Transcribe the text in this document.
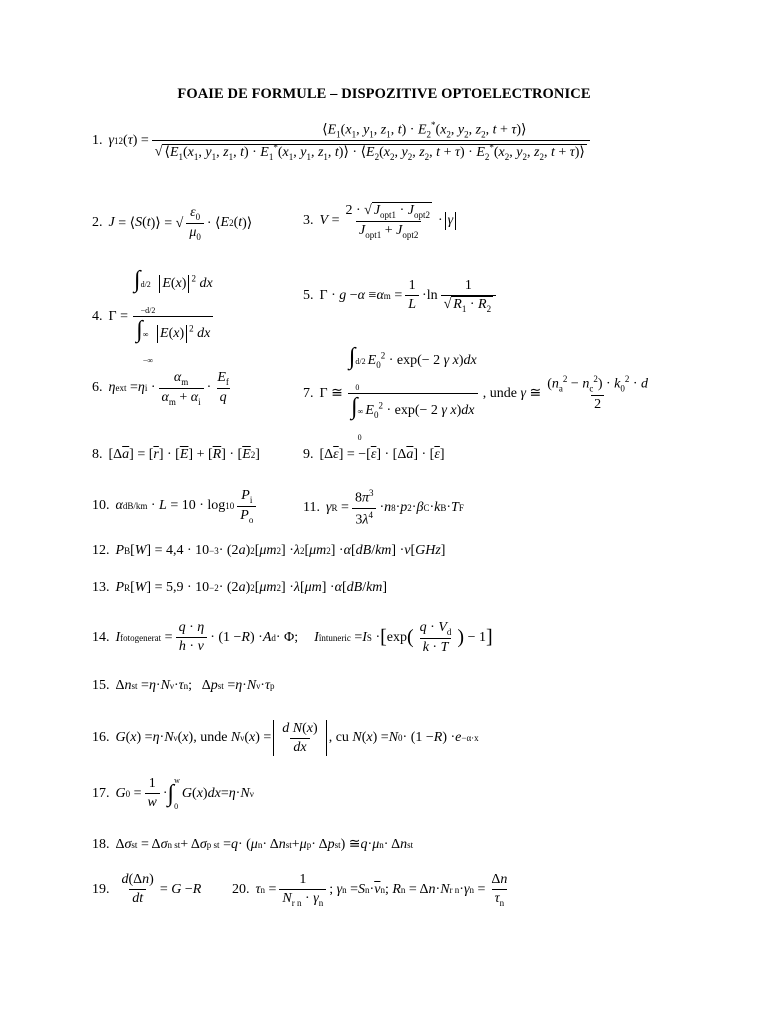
FOAIE DE FORMULE – DISPOZITIVE OPTOELECTRONICE
1. γ 12 ( τ ) =
$⟨E_1(x_1$, $y_1$, $z_1$, $t) \cdot E_2^*(x_2$, $y_2$, $z_2$, t + τ)⟩
√ $⟨E_1(x_1$, $y_1$, $z_1$, $t) \cdot E_1^*(x_1$, $y_1$, $z_1$, t)⟩ · $⟨E_2(x_2$, $y_2$, $z_2$, $t + \tau) \cdot E_2^*(x_2$, $y_2$, $z_2$, t + τ)⟩
2. J = ⟨ S ( t )⟩ = √ $\frac{\varepsilon_0}{\mu_0}$ · ⟨ E 2 ( t )⟩	3. $V = \frac{2 \cdot √ J_{opt1} \cdot J_{opt2}}{J_{opt1} + J_{opt2}} \cdot \gamma$
4. Γ = ∫ d/2
−d/2
E(x) $^2$ dx
∫ ∞
−∞
E(x) $^2$ dx	5. Γ · g − α ≡ α $m = \frac{1}{L} \cdot \ln \frac{1}{√ R_1 \cdot R_2}$
6. η ext = η $i \cdot \frac{\alpha_m}{\alpha_m + \alpha_i} \cdot \frac{E_f}{q}$	7. Γ ≅ ∫ d/2
0
$E_0^2 \cdot \exp(- 2$ γ x)dx
∫ ∞
0
$E_0^2 \cdot \exp(- 2$ γ x)dx , unde
γ ≅ $\frac{(n_a^2 - n_c^2) \cdot k_0^2 \cdot d}{2}$
8. [Δ $\overline{a}$ ] = [ $\overline{r}$ ] · [ $\overline{E}$ ] + [ $\overline{R}$ ] · [ $\overline{E}$ 2 ]	9. [Δ $\overline{\varepsilon}$ ] = −[ $\overline{\varepsilon}$ ] · [Δ $\overline{a}$ ] · [ $\overline{\varepsilon}$ ]
10. α $dB/km \cdot L = 10 \cdot \log 10 \frac{P_i}{P_o}$	11. γ $R = \frac{8\pi^3}{3\lambda^4} \cdot n$ 8 · p 2 · β C · k B · T F
12. P B [ W ] = 4,4 · 10 −3 · (2 a ) 2 [ μm 2 ] · λ 2 [ μm 2 ] · α [ dB / km ] · ν [ GHz ]
13. P R [ W ] = 5,9 · 10 −2 · (2 a ) 2 [ μm 2 ] · λ [ μm ] · α [ dB / km ]
14. I fotogenerat = $\frac{q \cdot \eta}{h \cdot \nu} \cdot (1 - R$ ) · A d · Φ; I întuneric = I S · [ exp ( $\frac{q \cdot V_d}{k \cdot T}$ ) − 1 ]
15. Δ n st = η · N ν · τ n ;   Δ p st = η · N ν · τ p
16. G ( x ) = η · N ν ( x ) , unde
N ν ( x ) = $\frac{\text{d N(x)}}{dx}$ , cu
N ( x ) = N 0 · (1 − R ) · e −α·x
17. G $0 = \frac{1}{w}$ · ∫
w
0
G ( x ) dx = η · N ν
18. Δ σ st = Δ σ n st + Δ σ p st = q · ( μ n · Δ n st + μ p · Δ p st ) ≅ q · μ n · Δ n st
19. $\frac{d(\Delta n)}{dt} = G - R$ 20. τ $n = \frac{1}{N_{r n} \cdot \gamma_n}$ ; γ n = S $n \cdot \overline{v}$ n ; R n = Δ n · N r n · γ $n = \frac{\Delta n}{\tau_n}$
